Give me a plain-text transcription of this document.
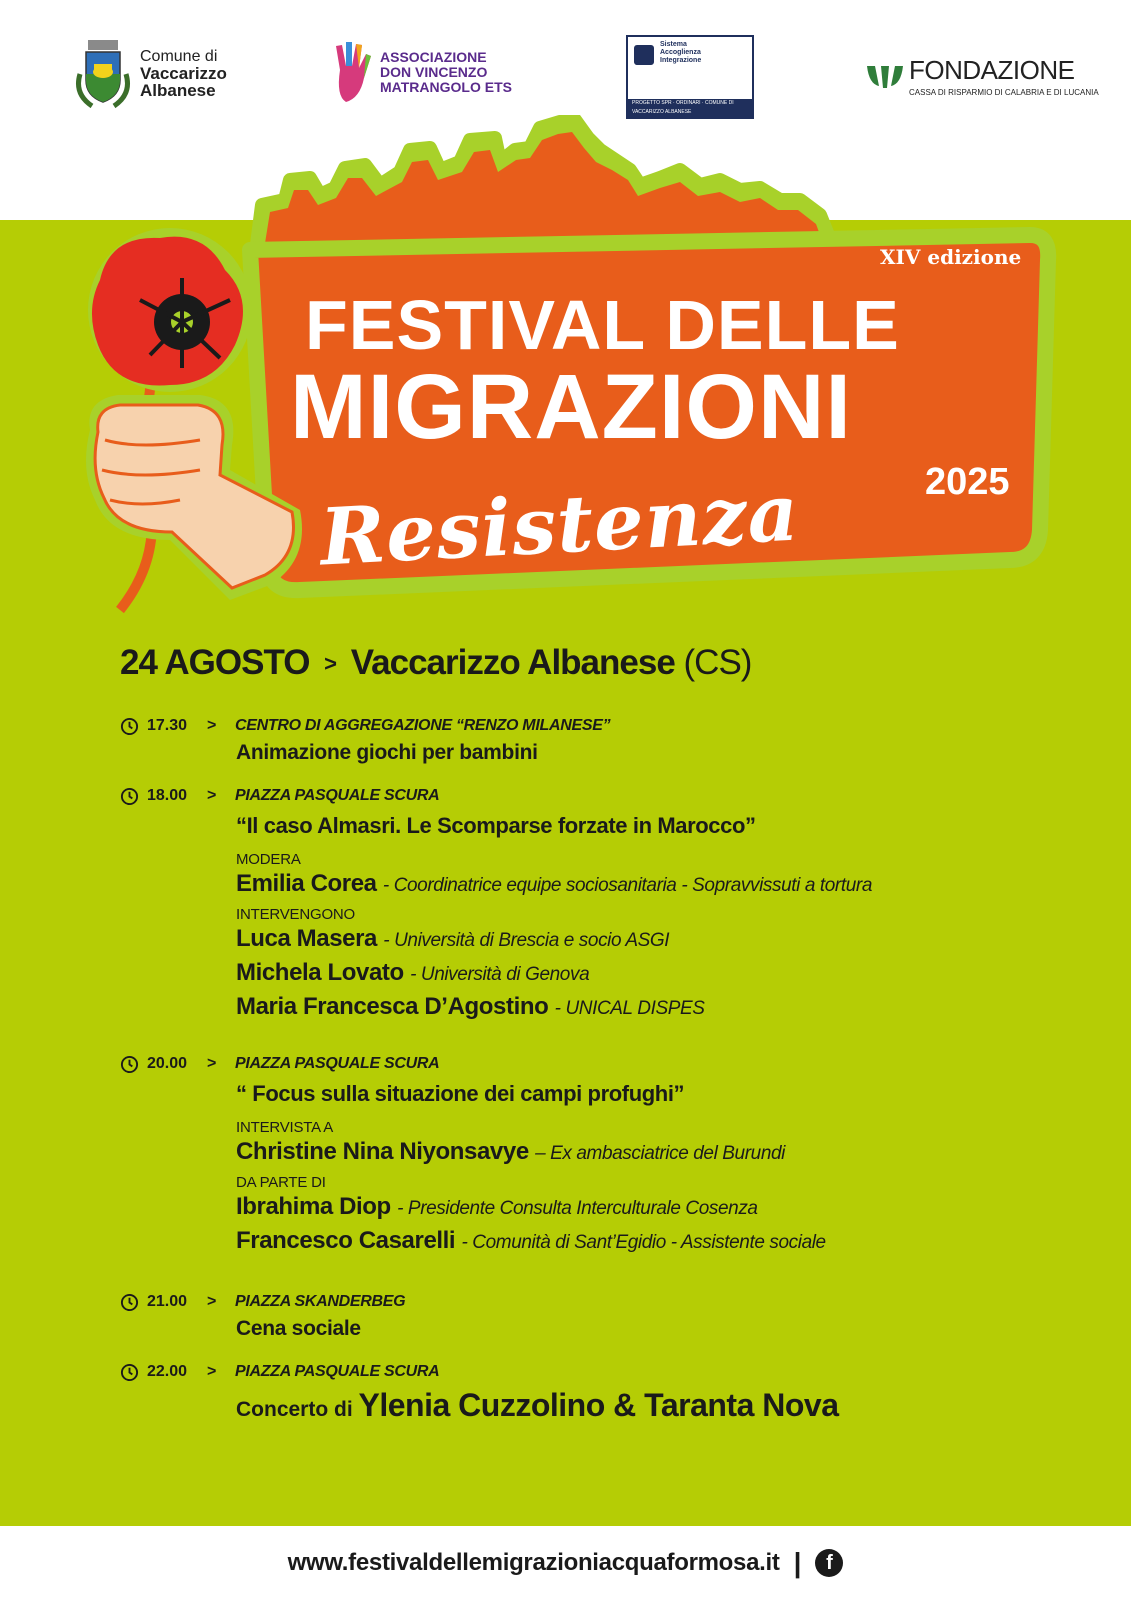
Comune di
Vaccarizzo
Albanese
ASSOCIAZIONE
DON VINCENZO
MATRANGOLO ETS
Sistema
Accoglienza
Integrazione
PROGETTO SPR · ORDINARI · COMUNE DI VACCARIZZO ALBANESE
FONDAZIONE
CASSA DI RISPARMIO DI CALABRIA E DI LUCANIA
XIV edizione
FESTIVAL DELLE
MIGRAZIONI
2025
Resistenza
24 AGOSTO > Vaccarizzo Albanese (CS)
17.30	>	CENTRO DI AGGREGAZIONE “RENZO MILANESE”
Animazione giochi per bambini
18.00	>	PIAZZA PASQUALE SCURA
“Il caso Almasri. Le Scomparse forzate in Marocco”
MODERA
Emilia Corea - Coordinatrice equipe sociosanitaria - Sopravvissuti a tortura
INTERVENGONO
Luca Masera - Università di Brescia e socio ASGI
Michela Lovato - Università di Genova
Maria Francesca D’Agostino - UNICAL DISPES
20.00	>	PIAZZA PASQUALE SCURA
“ Focus sulla situazione dei campi profughi”
INTERVISTA A
Christine Nina Niyonsavye – Ex ambasciatrice del Burundi
DA PARTE DI
Ibrahima Diop - Presidente Consulta Interculturale Cosenza
Francesco Casarelli - Comunità di Sant’Egidio - Assistente sociale
21.00	>	PIAZZA SKANDERBEG
Cena sociale
22.00	>	PIAZZA PASQUALE SCURA
Concerto di Ylenia Cuzzolino & Taranta Nova
www.festivaldellemigrazioniacquaformosa.it |	f
